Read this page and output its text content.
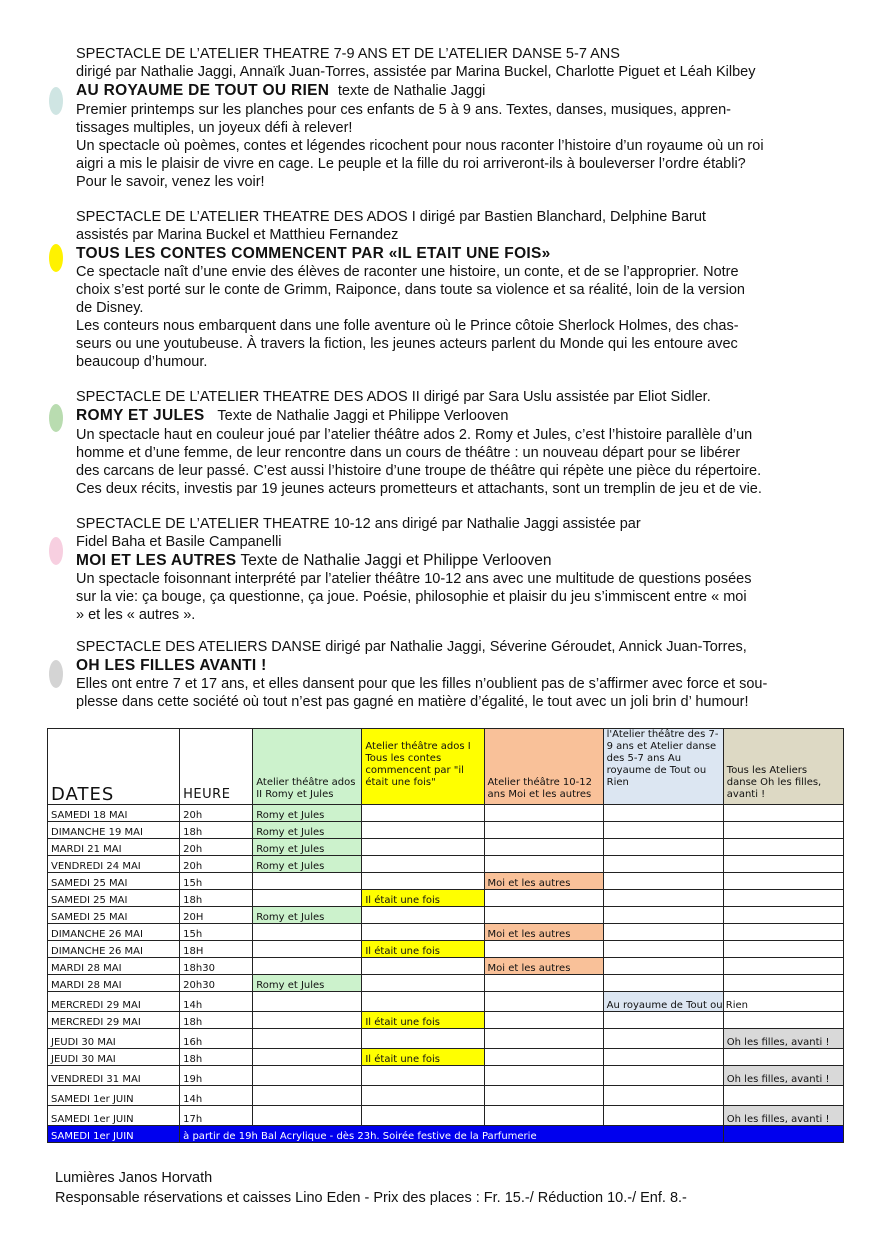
SPECTACLE DE L’ATELIER THEATRE 7-9 ANS ET DE L’ATELIER DANSE 5-7 ANS

dirigé par Nathalie Jaggi, Annaïk Juan-Torres, assistée par Marina Buckel, Charlotte Piguet et Léah Kilbey

AU ROYAUME DE TOUT OU RIEN texte de Nathalie Jaggi

Premier printemps sur les planches pour ces enfants de 5 à 9 ans. Textes, danses, musiques, appren-

tissages multiples, un joyeux défi à relever!

Un spectacle où poèmes, contes et légendes ricochent pour nous raconter l’histoire d’un royaume où un roi

aigri a mis le plaisir de vivre en cage. Le peuple et la fille du roi arriveront-ils à bouleverser l’ordre établi?

Pour le savoir, venez les voir!

SPECTACLE DE L’ATELIER THEATRE DES ADOS I dirigé par Bastien Blanchard, Delphine Barut

assistés par Marina Buckel et Matthieu Fernandez

TOUS LES CONTES COMMENCENT PAR «IL ETAIT UNE FOIS»

Ce spectacle naît d’une envie des élèves de raconter une histoire, un conte, et de se l’approprier. Notre

choix s’est porté sur le conte de Grimm, Raiponce, dans toute sa violence et sa réalité, loin de la version

de Disney.

Les conteurs nous embarquent dans une folle aventure où le Prince côtoie Sherlock Holmes, des chas-

seurs ou une youtubeuse. À travers la fiction, les jeunes acteurs parlent du Monde qui les entoure avec

beaucoup d’humour.

SPECTACLE DE L’ATELIER THEATRE DES ADOS II dirigé par Sara Uslu assistée par Eliot Sidler.

ROMY ET JULES Texte de Nathalie Jaggi et Philippe Verlooven

Un spectacle haut en couleur joué par l’atelier théâtre ados 2. Romy et Jules, c’est l’histoire parallèle d’un

homme et d’une femme, de leur rencontre dans un cours de théâtre : un nouveau départ pour se libérer

des carcans de leur passé. C’est aussi l’histoire d’une troupe de théâtre qui répète une pièce du répertoire.

Ces deux récits, investis par 19 jeunes acteurs prometteurs et attachants, sont un tremplin de jeu et de vie.

SPECTACLE DE L’ATELIER THEATRE 10-12 ans dirigé par Nathalie Jaggi assistée par

Fidel Baha et Basile Campanelli

MOI ET LES AUTRES Texte de Nathalie Jaggi et Philippe Verlooven

Un spectacle foisonnant interprété par l’atelier théâtre 10-12 ans avec une multitude de questions posées

sur la vie: ça bouge, ça questionne, ça joue. Poésie, philosophie et plaisir du jeu s’immiscent entre « moi

» et les « autres ».

SPECTACLE DES ATELIERS DANSE dirigé par Nathalie Jaggi, Séverine Géroudet, Annick Juan-Torres,

OH LES FILLES AVANTI !

Elles ont entre 7 et 17 ans, et elles dansent pour que les filles n’oublient pas de s’affirmer avec force et sou-

plesse dans cette société où tout n’est pas gagné en matière d’égalité, le tout avec un joli brin d’ humour!

DATES	HEURE	Atelier théâtre ados II Romy et Jules	Atelier théâtre ados I Tous les contes commencent par "il était une fois"	Atelier théâtre 10-12 ans Moi et les autres	l'Atelier théâtre des 7-9 ans et Atelier danse des 5-7 ans Au royaume de Tout ou Rien	Tous les Ateliers danse Oh les filles, avanti !
SAMEDI 18 MAI	20h	Romy et Jules				
DIMANCHE 19 MAI	18h	Romy et Jules				
MARDI 21 MAI	20h	Romy et Jules				
VENDREDI 24 MAI	20h	Romy et Jules				
SAMEDI 25 MAI	15h			Moi et les autres		
SAMEDI 25 MAI	18h		Il était une fois			
SAMEDI 25 MAI	20H	Romy et Jules				
DIMANCHE 26 MAI	15h			Moi et les autres		
DIMANCHE 26 MAI	18H		Il était une fois			
MARDI 28 MAI	18h30			Moi et les autres		
MARDI 28 MAI	20h30	Romy et Jules				
MERCREDI 29 MAI	14h				Au royaume de Tout ou Rien	
MERCREDI 29 MAI	18h		Il était une fois			
JEUDI 30 MAI	16h					Oh les filles, avanti !
JEUDI 30 MAI	18h		Il était une fois			
VENDREDI 31 MAI	19h					Oh les filles, avanti !
SAMEDI 1er JUIN	14h					
SAMEDI 1er JUIN	17h					Oh les filles, avanti !
SAMEDI 1er JUIN	à partir de 19h Bal Acrylique - dès 23h. Soirée festive de la Parfumerie					
Lumières Janos Horvath
Responsable réservations et caisses Lino Eden - Prix des places : Fr. 15.-/ Réduction 10.-/ Enf. 8.-
